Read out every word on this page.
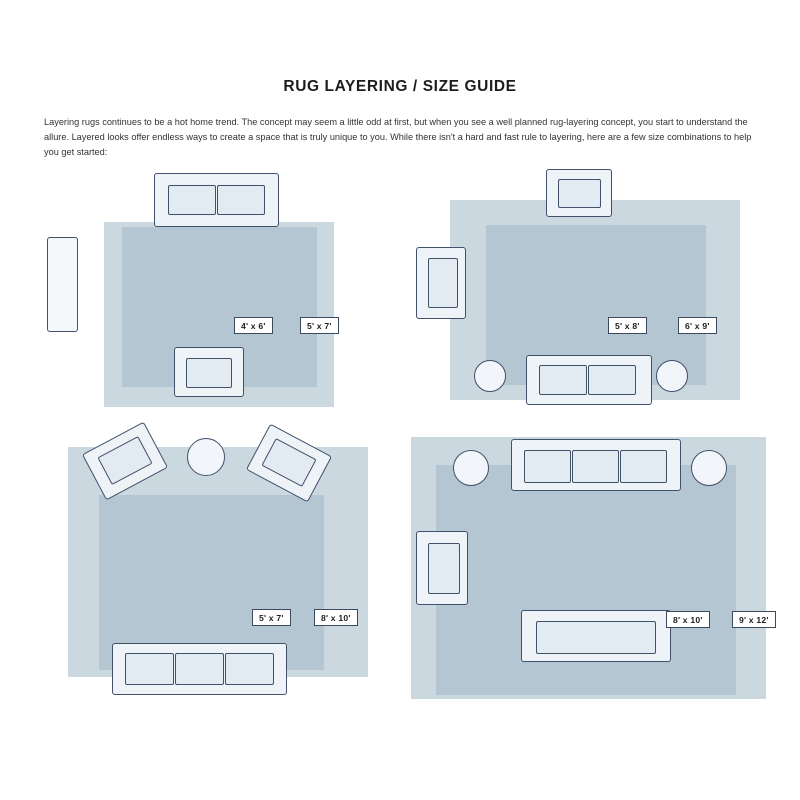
RUG LAYERING / SIZE GUIDE
Layering rugs continues to be a hot home trend. The concept may seem a little odd at first, but when you see a well planned rug-layering concept, you start to understand the allure. Layered looks offer endless ways to create a space that is truly unique to you. While there isn't a hard and fast rule to layering, here are a few size combinations to help you get started:
4' x 6'	5' x 7'	5' x 8'	6' x 9'
5' x 7'	8' x 10'	8' x 10'	9' x 12'
